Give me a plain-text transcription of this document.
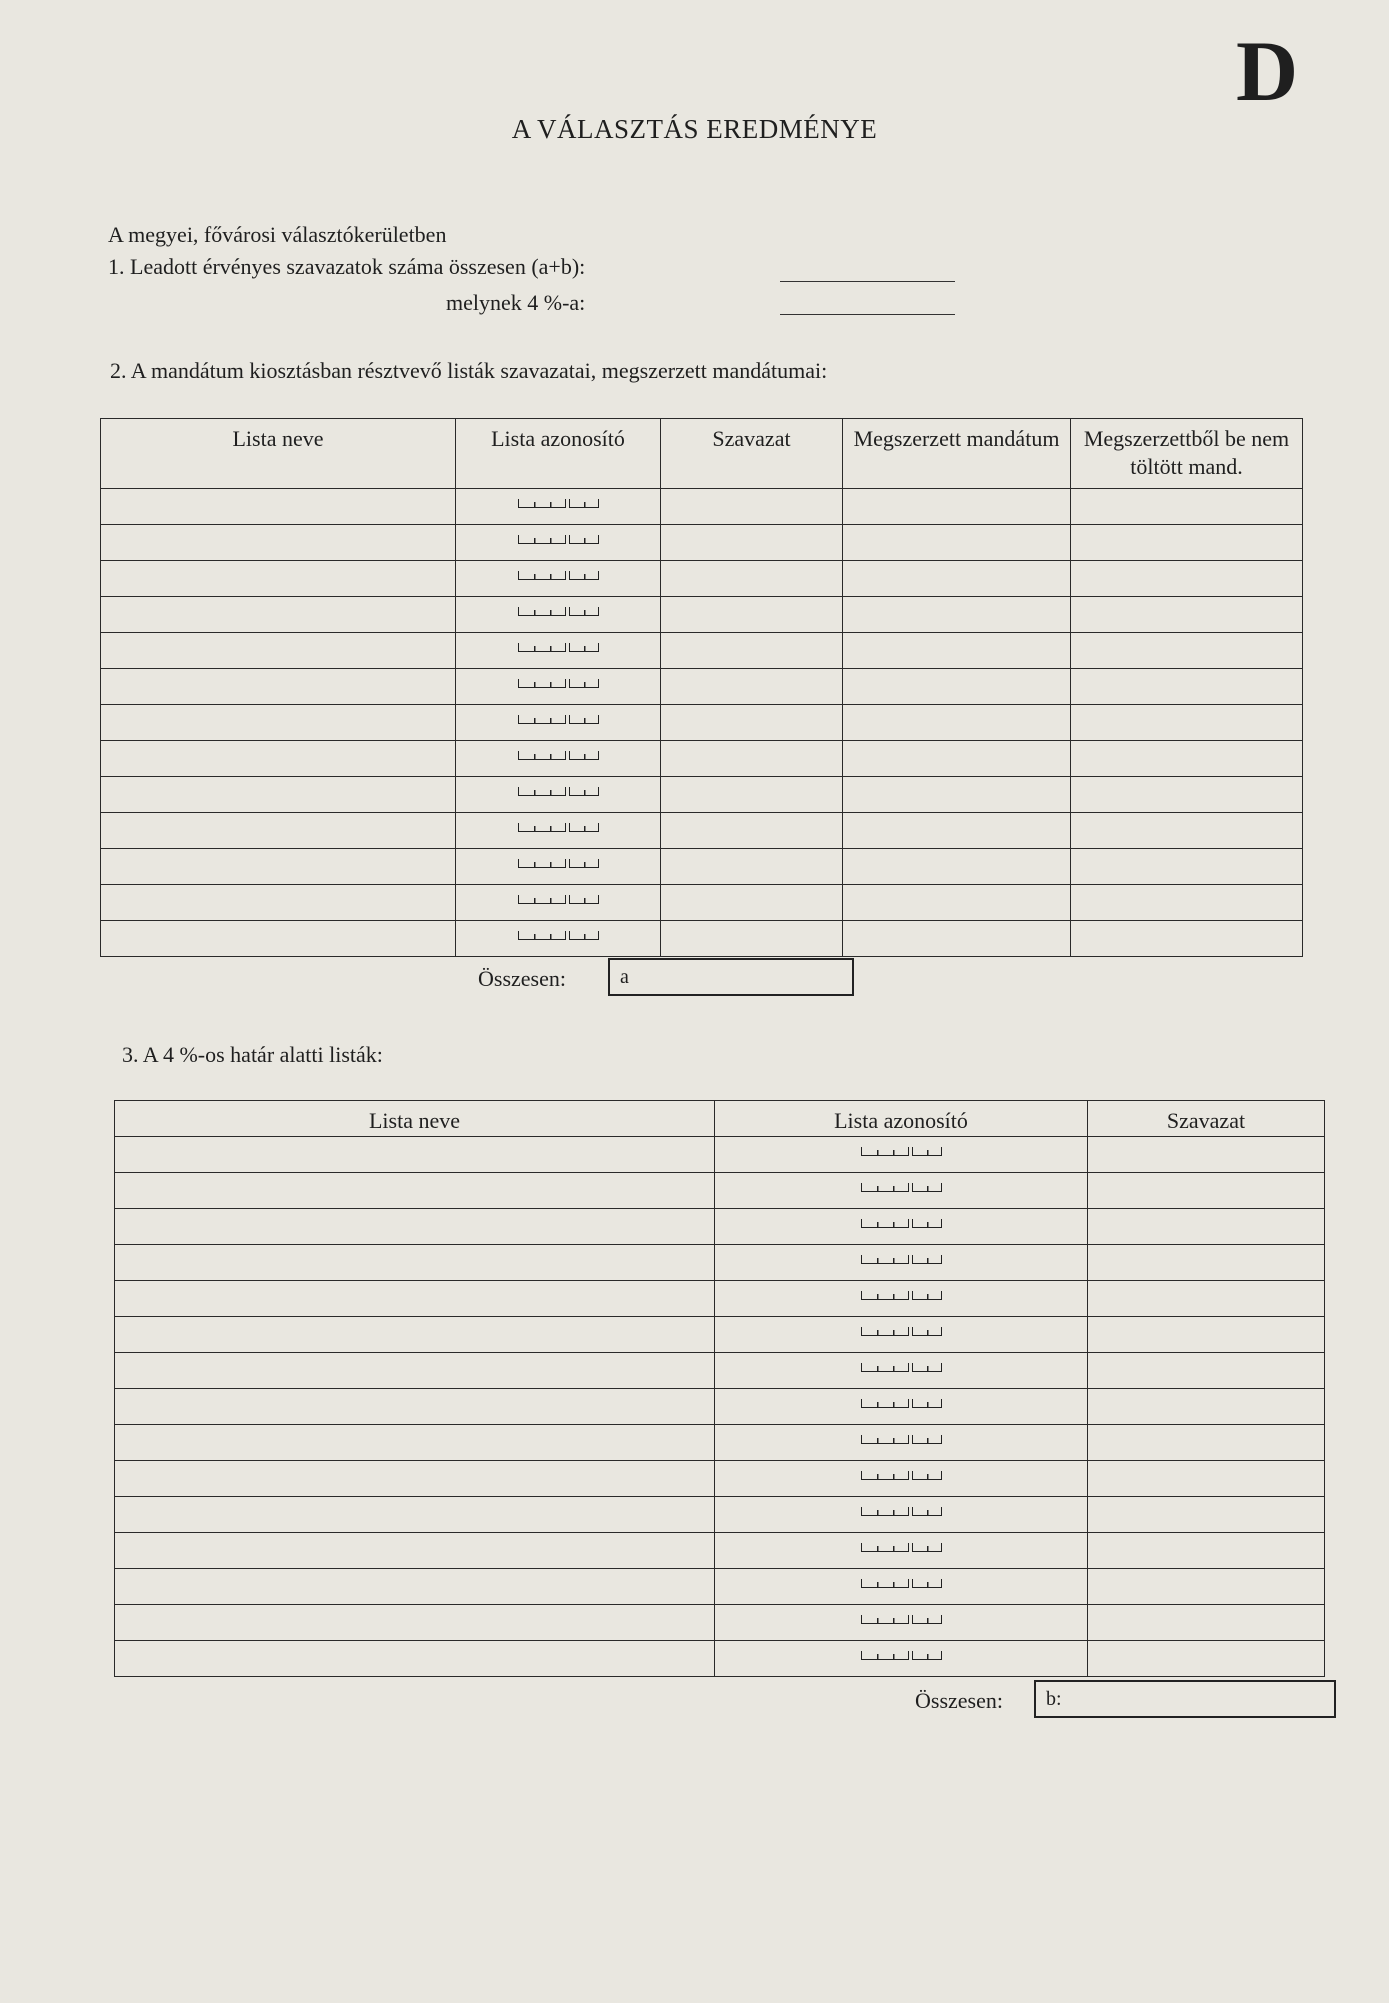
D
A VÁLASZTÁS EREDMÉNYE
A megyei, fővárosi választókerületben
1. Leadott érvényes szavazatok száma összesen (a+b):
melynek 4 %-a:
2. A mandátum kiosztásban résztvevő listák szavazatai, megszerzett mandátumai:
Lista neve	Lista azonosító	Szavazat	Megszerzett mandátum	Megszerzettből be nem töltött mand.

Összesen:	a
3. A 4 %-os határ alatti listák:
Lista neve	Lista azonosító	Szavazat

Összesen:	b:
